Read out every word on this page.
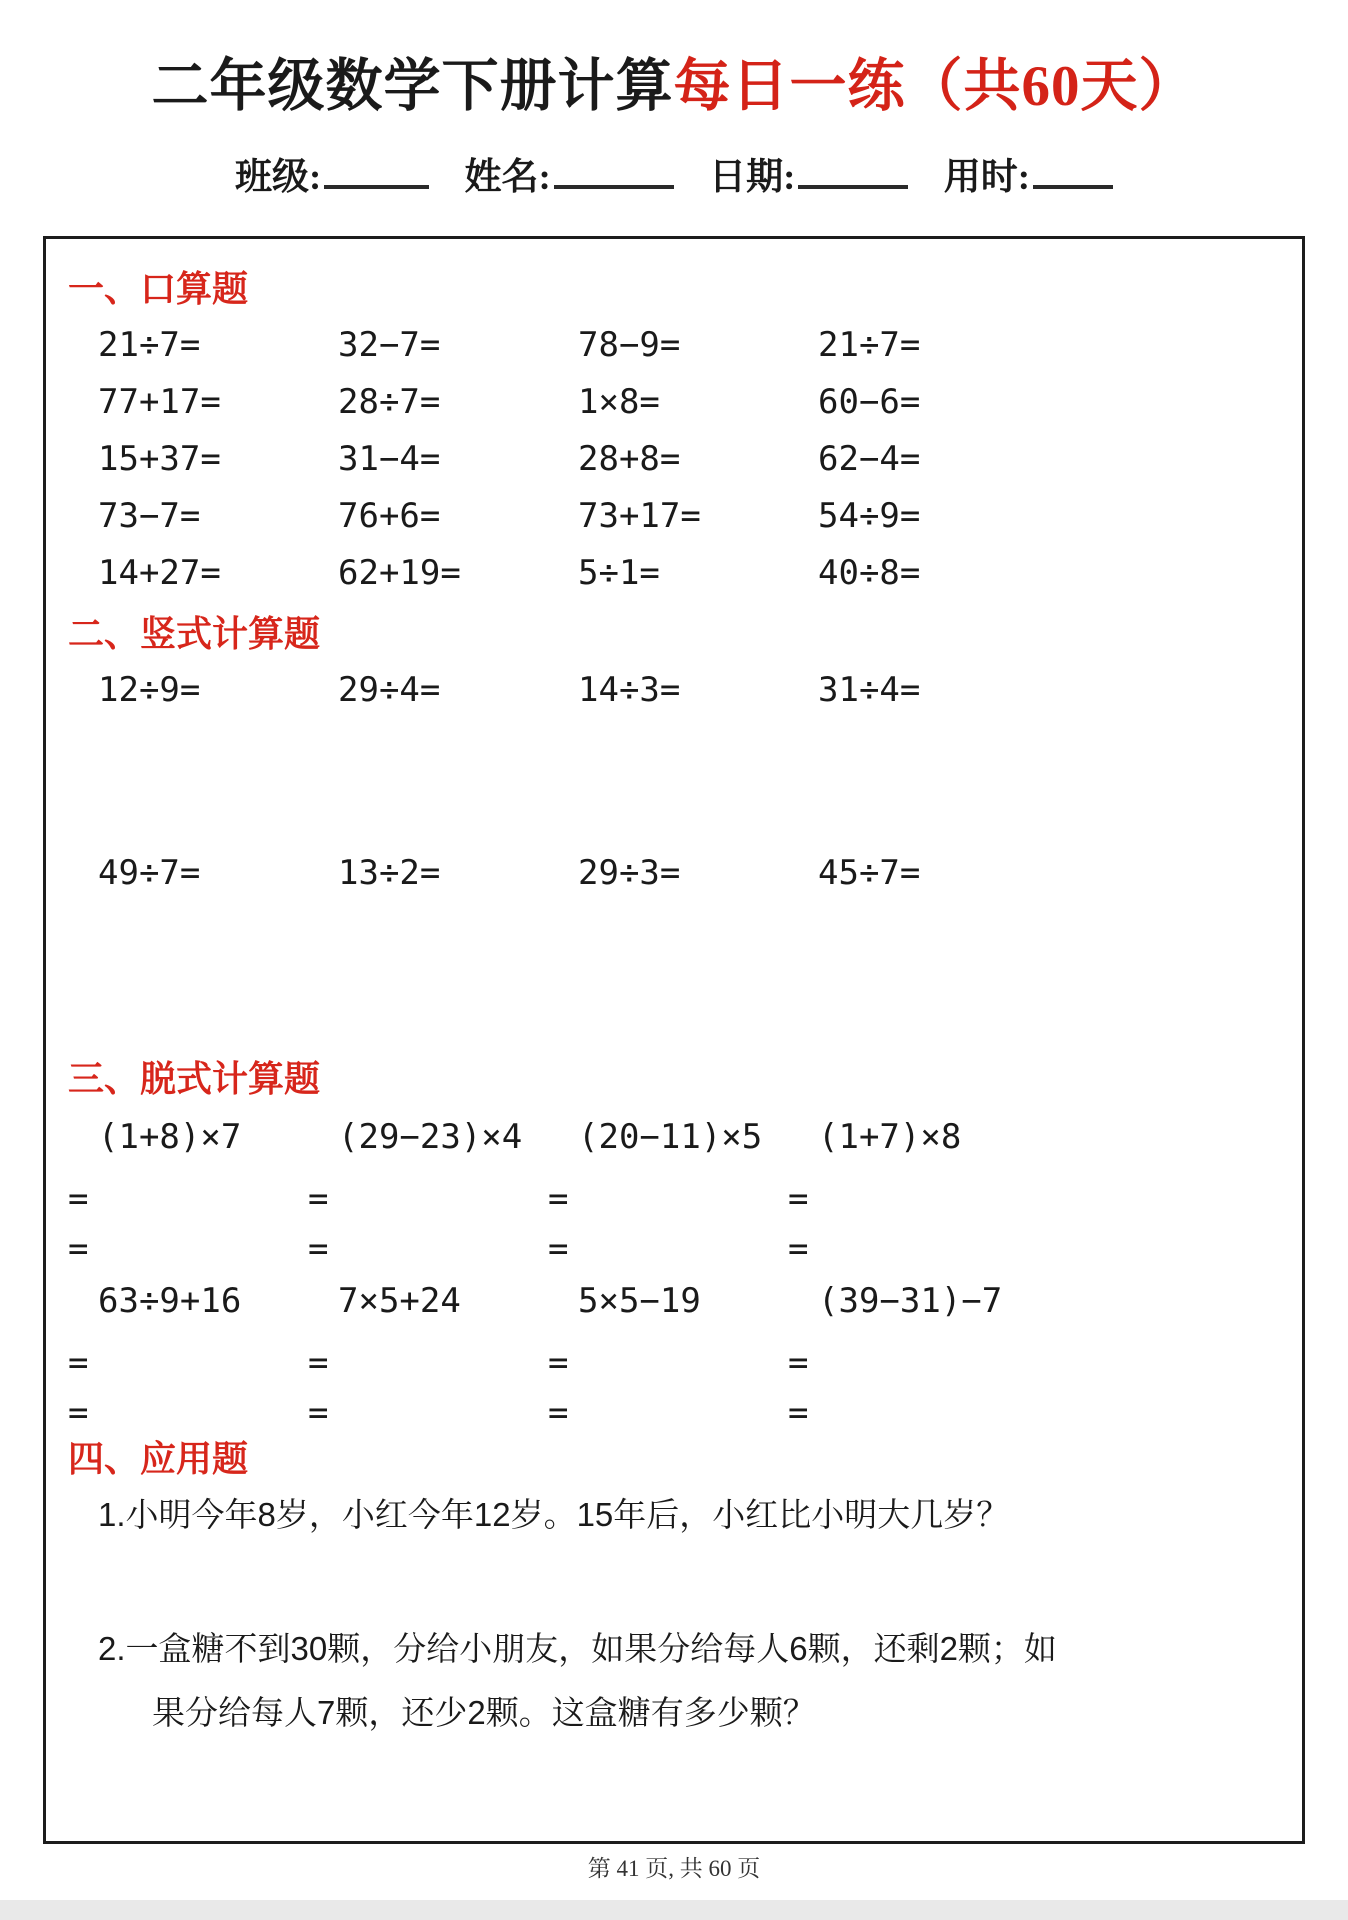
二年级数学下册计算每日一练（共60天）
班级:	姓名:	日期:	用时:
一、口算题
21÷7=	32−7=	78−9=	21÷7=
77+17=	28÷7=	1×8=	60−6=
15+37=	31−4=	28+8=	62−4=
73−7=	76+6=	73+17=	54÷9=
14+27=	62+19=	5÷1=	40÷8=
二、竖式计算题
12÷9=	29÷4=	14÷3=	31÷4=
49÷7=	13÷2=	29÷3=	45÷7=
三、脱式计算题
(1+8)×7	(29−23)×4	(20−11)×5	(1+7)×8
=	=	=	=
=	=	=	=
63÷9+16	7×5+24	5×5−19	(39−31)−7
=	=	=	=
=	=	=	=
四、应用题
1.小明今年8岁，小红今年12岁。15年后，小红比小明大几岁？
2.一盒糖不到30颗，分给小朋友，如果分给每人6颗，还剩2颗；如
果分给每人7颗，还少2颗。这盒糖有多少颗？
第 41 页, 共 60 页
